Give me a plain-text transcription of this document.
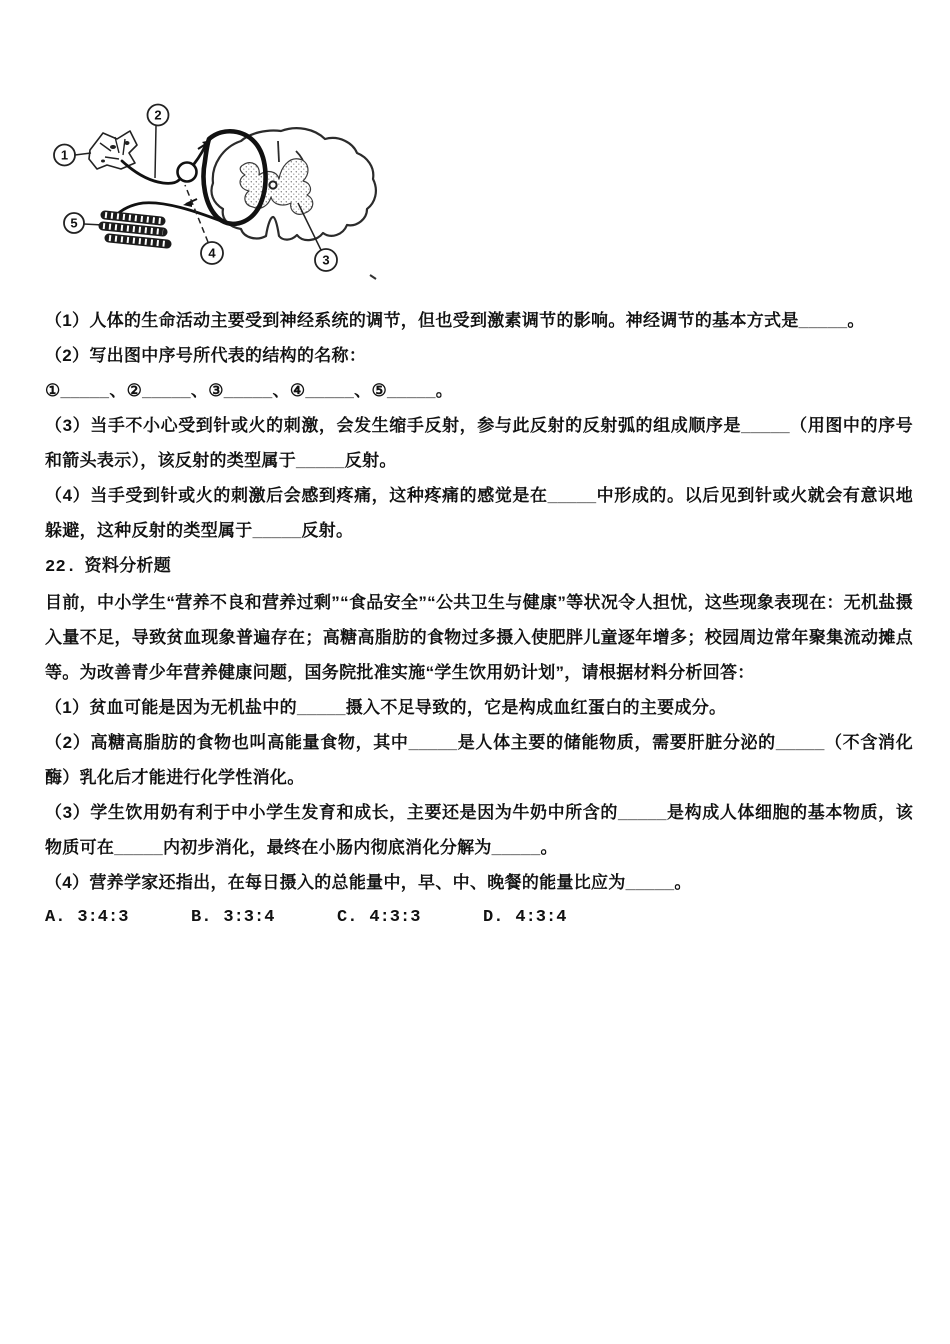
1
2
3
4
5

（1）人体的生命活动主要受到神经系统的调节，但也受到激素调节的影响。神经调节的基本方式是_____。

（2）写出图中序号所代表的结构的名称：

①_____、②_____、③_____、④_____、⑤_____。

（3）当手不小心受到针或火的刺激，会发生缩手反射，参与此反射的反射弧的组成顺序是_____（用图中的序号和箭头表示），该反射的类型属于_____反射。

（4）当手受到针或火的刺激后会感到疼痛，这种疼痛的感觉是在_____中形成的。以后见到针或火就会有意识地躲避，这种反射的类型属于_____反射。

22. 资料分析题

目前，中小学生“营养不良和营养过剩”“食品安全”“公共卫生与健康”等状况令人担忧，这些现象表现在：无机盐摄入量不足，导致贫血现象普遍存在；高糖高脂肪的食物过多摄入使肥胖儿童逐年增多；校园周边常年聚集流动摊点等。为改善青少年营养健康问题，国务院批准实施“学生饮用奶计划”，请根据材料分析回答：

（1）贫血可能是因为无机盐中的_____摄入不足导致的，它是构成血红蛋白的主要成分。

（2）高糖高脂肪的食物也叫高能量食物，其中_____是人体主要的储能物质，需要肝脏分泌的_____（不含消化酶）乳化后才能进行化学性消化。

（3）学生饮用奶有利于中小学生发育和成长，主要还是因为牛奶中所含的_____是构成人体细胞的基本物质，该物质可在_____内初步消化，最终在小肠内彻底消化分解为_____。

（4）营养学家还指出，在每日摄入的总能量中，早、中、晚餐的能量比应为_____。

A. 3:4:3	B. 3:3:4	C. 4:3:3	D. 4:3:4
